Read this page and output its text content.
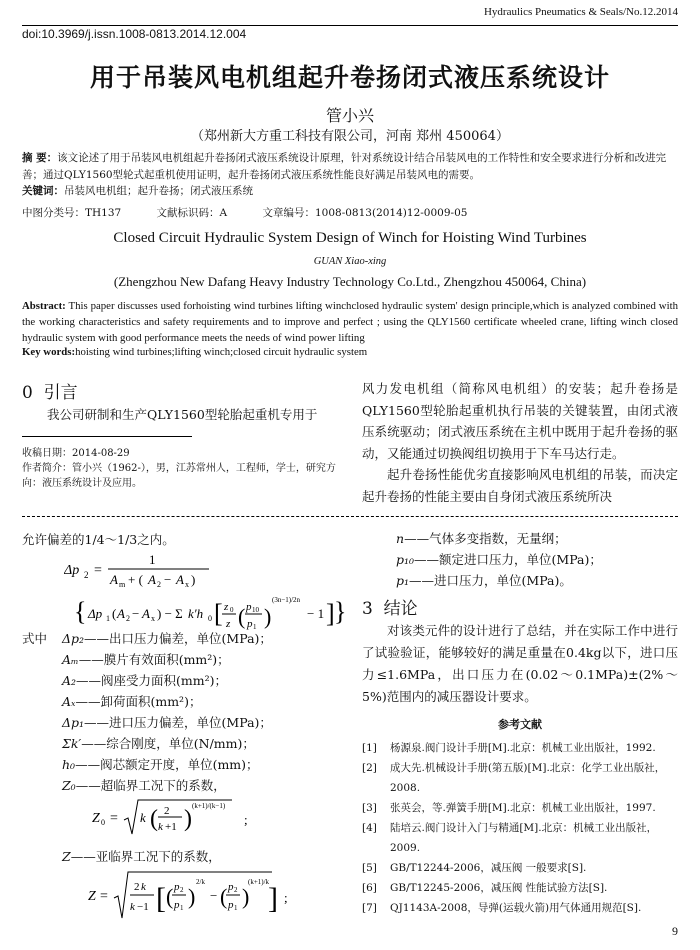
Hydraulics Pneumatics & Seals/No.12.2014
doi:10.3969/j.issn.1008-0813.2014.12.004
用于吊装风电机组起升卷扬闭式液压系统设计
管小兴
（郑州新大方重工科技有限公司，河南 郑州 450064）
摘 要：该文论述了用于吊装风电机组起升卷扬闭式液压系统设计原理，针对系统设计结合吊装风电的工作特性和安全要求进行分析和改进完善；通过QLY1560型轮式起重机使用证明，起升卷扬闭式液压系统性能良好满足吊装风电的需要。
关键词：吊装风电机组；起升卷扬；闭式液压系统
中图分类号：TH137	文献标识码：A	文章编号：1008-0813(2014)12-0009-05
Closed Circuit Hydraulic System Design of Winch for Hoisting Wind Turbines
GUAN Xiao-xing
(Zhengzhou New Dafang Heavy Industry Technology Co.Ltd., Zhengzhou 450064, China)
Abstract: This paper discusses used forhoisting wind turbines lifting winchclosed hydraulic system' design principle,which is analyzed combined with the working characteristics and safety requirements and to improve and perfect ; using the QLY1560 certificate wheeled crane, lifting winch closed hydraulic system with good performance meets the needs of wind power lifting
Key words:hoisting wind turbines;lifting winch;closed circuit hydraulic system
0 引言
我公司研制和生产QLY1560型轮胎起重机专用于
收稿日期：2014-08-29
作者简介：管小兴（1962-），男，江苏常州人，工程师，学士，研究方向：液压系统设计及应用。
风力发电机组（简称风电机组）的安装；起升卷扬是QLY1560型轮胎起重机执行吊装的关键装置，由闭式液压系统驱动；闭式液压系统在主机中既用于起升卷扬的驱动，又能通过切换阀组切换用于下车马达行走。
起升卷扬性能优劣直接影响风电机组的吊装，而决定起升卷扬的性能主要由自身闭式液压系统所决
允许偏差的1/4～1/3之内。
Δp 2 =
1
A m + ( A 2 − A x )
{ Δp 1 ( A 2 − A x ) − Σ k′h 0 [ z 0
z ( p 10
p 1 )
(3n−1)/2n
− 1 ] }
式中 Δp₂——出口压力偏差，单位(MPa)；
Aₘ——膜片有效面积(mm²)；
A₂——阀座受力面积(mm²)；
Aₓ——卸荷面积(mm²)；
Δp₁——进口压力偏差，单位(MPa)；
Σk′——综合刚度，单位(N/mm)；
h₀——阀芯额定开度，单位(mm)；
Z₀——超临界工况下的系数，
Z 0 = k ( 2
k +1 ) (k+1)/(k−1)
;
Z——亚临界工况下的系数，
Z =
2 k
k −1 [ ( p 2
p 1 )
2/k
− ( p 2
p 1 )
(k+1)/k
] ;
n——气体多变指数，无量纲；
p₁₀——额定进口压力，单位(MPa)；
p₁——进口压力，单位(MPa)。
3 结论
对该类元件的设计进行了总结，并在实际工作中进行了试验验证，能够较好的满足重量在0.4kg以下，进口压力≤1.6MPa，出口压力在(0.02～0.1MPa)±(2%～5%)范围内的减压器设计要求。
参考文献
[1]	杨源泉.阀门设计手册[M].北京：机械工业出版社，1992.
[2]	成大先.机械设计手册(第五版)[M].北京：化学工业出版社，2008.
[3]	张英会，等.弹簧手册[M].北京：机械工业出版社，1997.
[4]	陆培云.阀门设计入门与精通[M].北京：机械工业出版社，2009.
[5]	GB/T12244-2006，减压阀 一般要求[S].
[6]	GB/T12245-2006，减压阀 性能试验方法[S].
[7]	QJ1143A-2008，导弹(运载火箭)用气体通用规范[S].
9
